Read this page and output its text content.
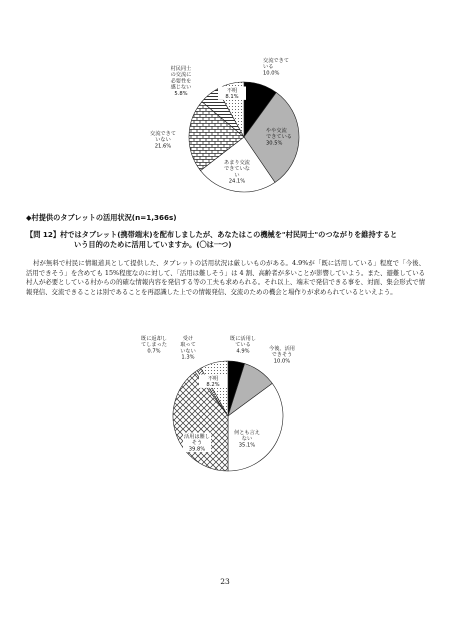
交流できて
いる
10.0%
やや交流
できている
30.5%
あまり交流
できていな
い
24.1%
交流できて
いない
21.6%
村民同士
の交流に
必要性を
感じない
5.8%	不明
8.1%
◆村提供のタブレットの活用状況(n=1,366s)
【問 12】村ではタブレット(携帯端末)を配布しましたが、あなたはこの機械を"村民同士"のつながりを維持すると
いう目的のために活用していますか。(〇は一つ)
村が無料で村民に情報道具として提供した、タブレットの活用状況は厳しいものがある。4.9%が「既に活用している」程度で「今後、活用できそう」を含めても 15%程度なのに対して、「活用は難しそう」は 4 割、高齢者が多いことが影響していよう。また、避難している村人が必要としている村からの的確な情報内容を発信する等の工夫も求められる。それ以上、端末で発信できる事を、対面、集会形式で情報発信、交流できることは別であることを再認識した上での情報発信、交流のための機会と場作りが求められているといえよう。
既に活用し
ている
4.9%	今後、活用
できそう
10.0%
何とも言え
ない
35.1%
活用は難し
そう
39.8%
既に返却し
てしまった
0.7%
受け
取って
いない
1.3%
不明
8.2%
23
